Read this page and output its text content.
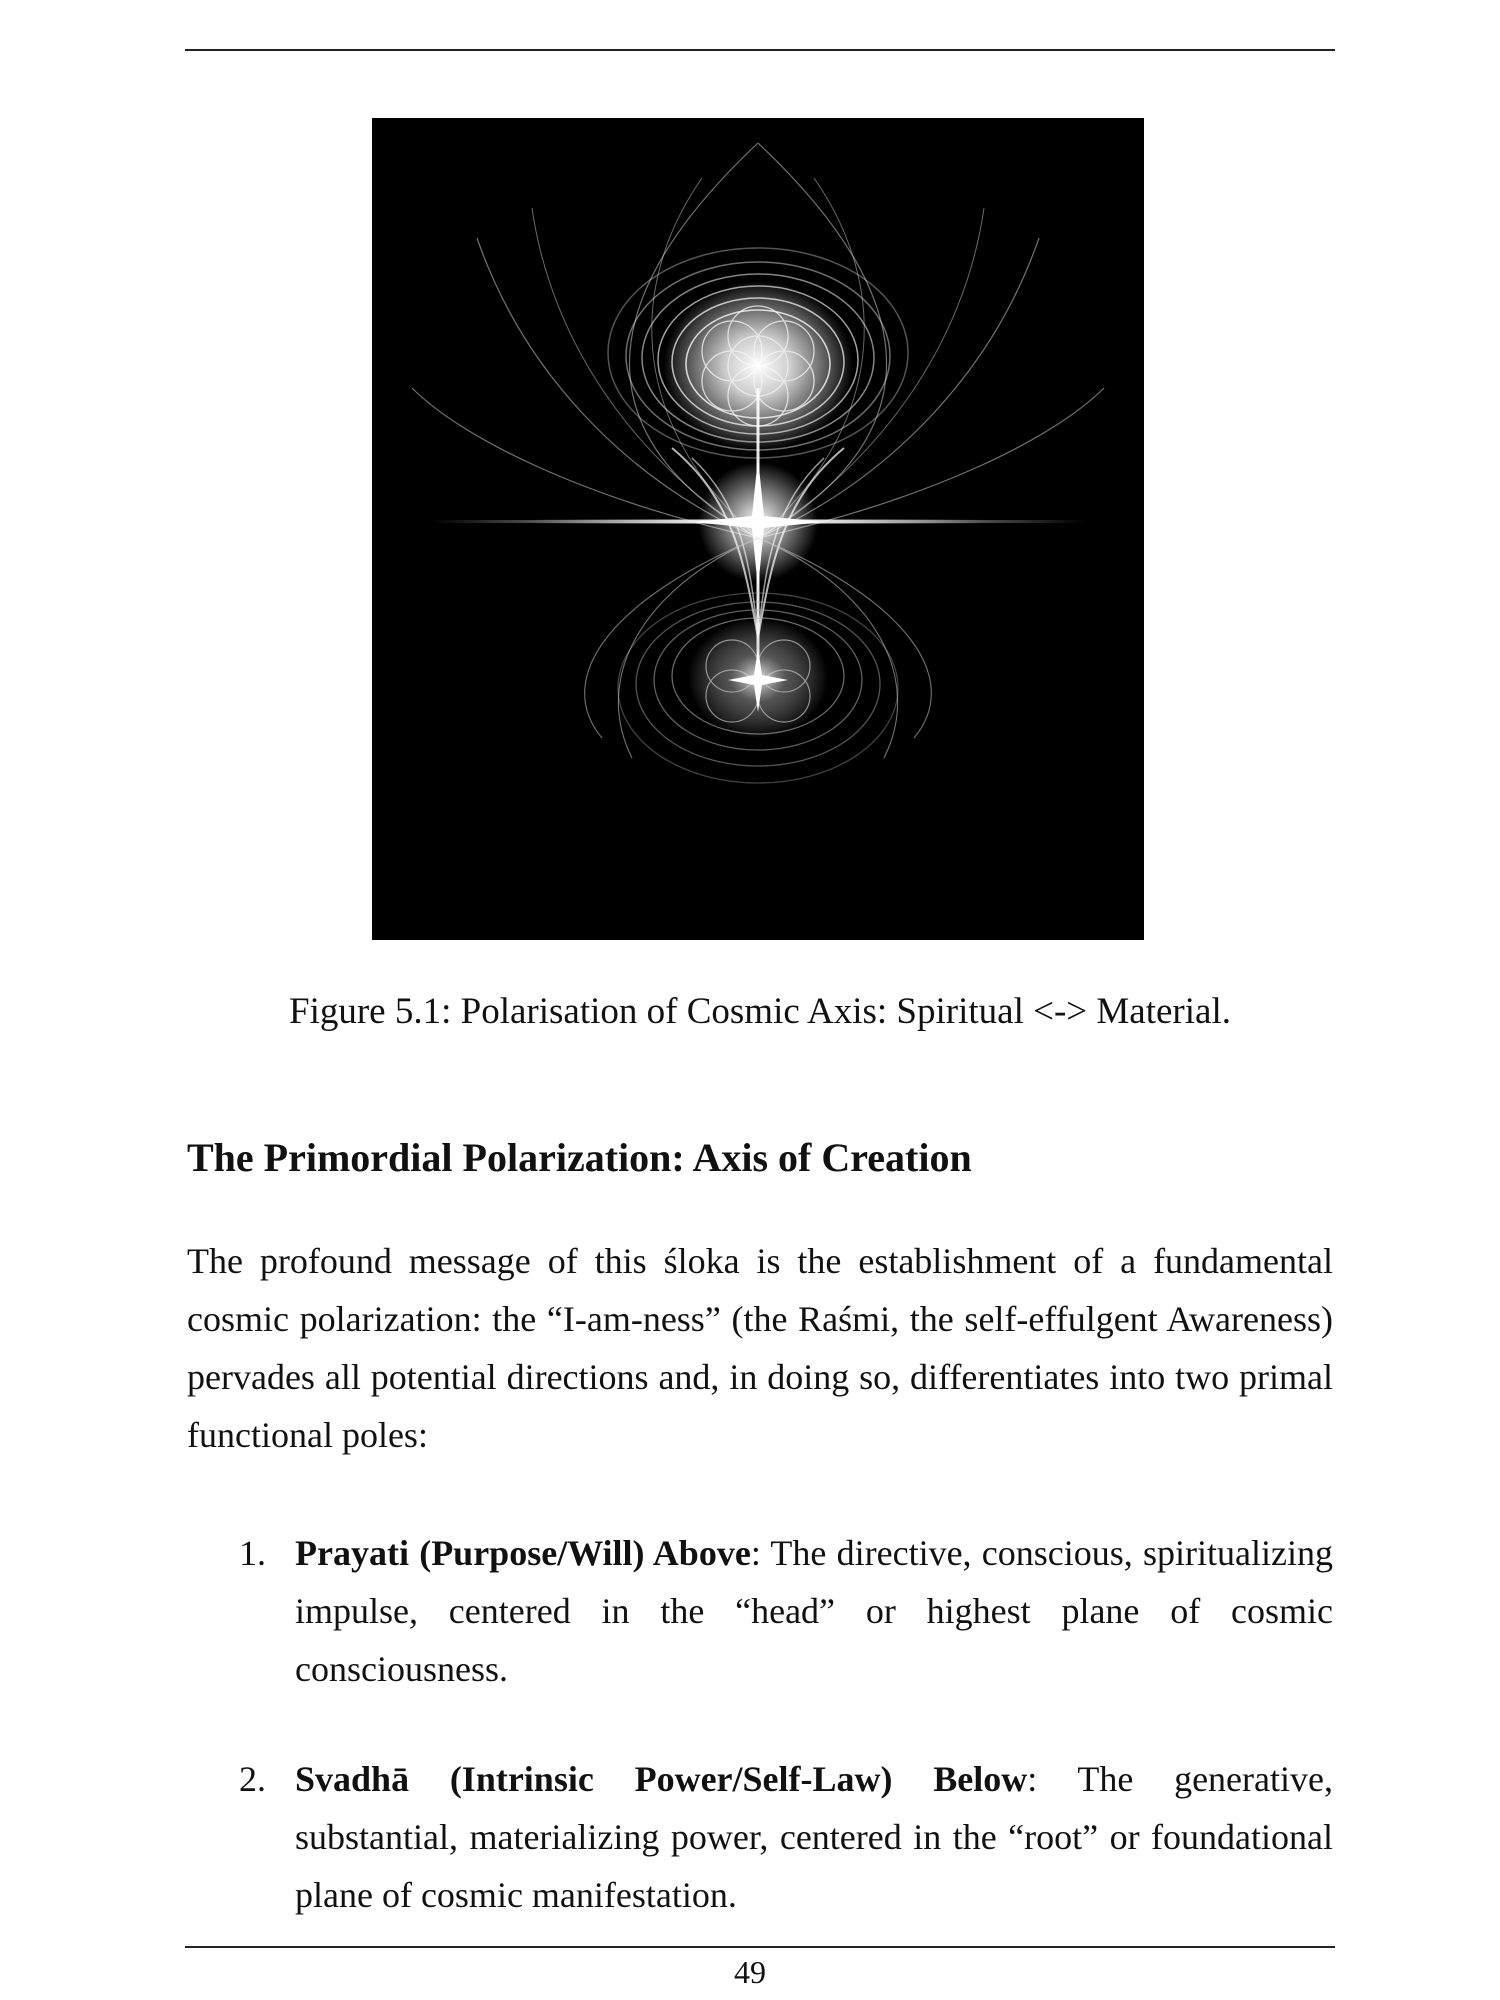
Figure 5.1: Polarisation of Cosmic Axis: Spiritual <-> Material.
The Primordial Polarization: Axis of Creation

The profound message of this śloka is the establishment of a fundamental cosmic polarization: the “I-am-ness” (the Raśmi, the self-effulgent Awareness) pervades all potential directions and, in doing so, differentiates into two primal functional poles:

1. Prayati (Purpose/Will) Above: The directive, conscious, spiritualizing impulse, centered in the “head” or highest plane of cosmic consciousness.
2. Svadhā (Intrinsic Power/Self-Law) Below: The generative, substantial, materializing power, centered in the “root” or foundational plane of cosmic manifestation.
49
